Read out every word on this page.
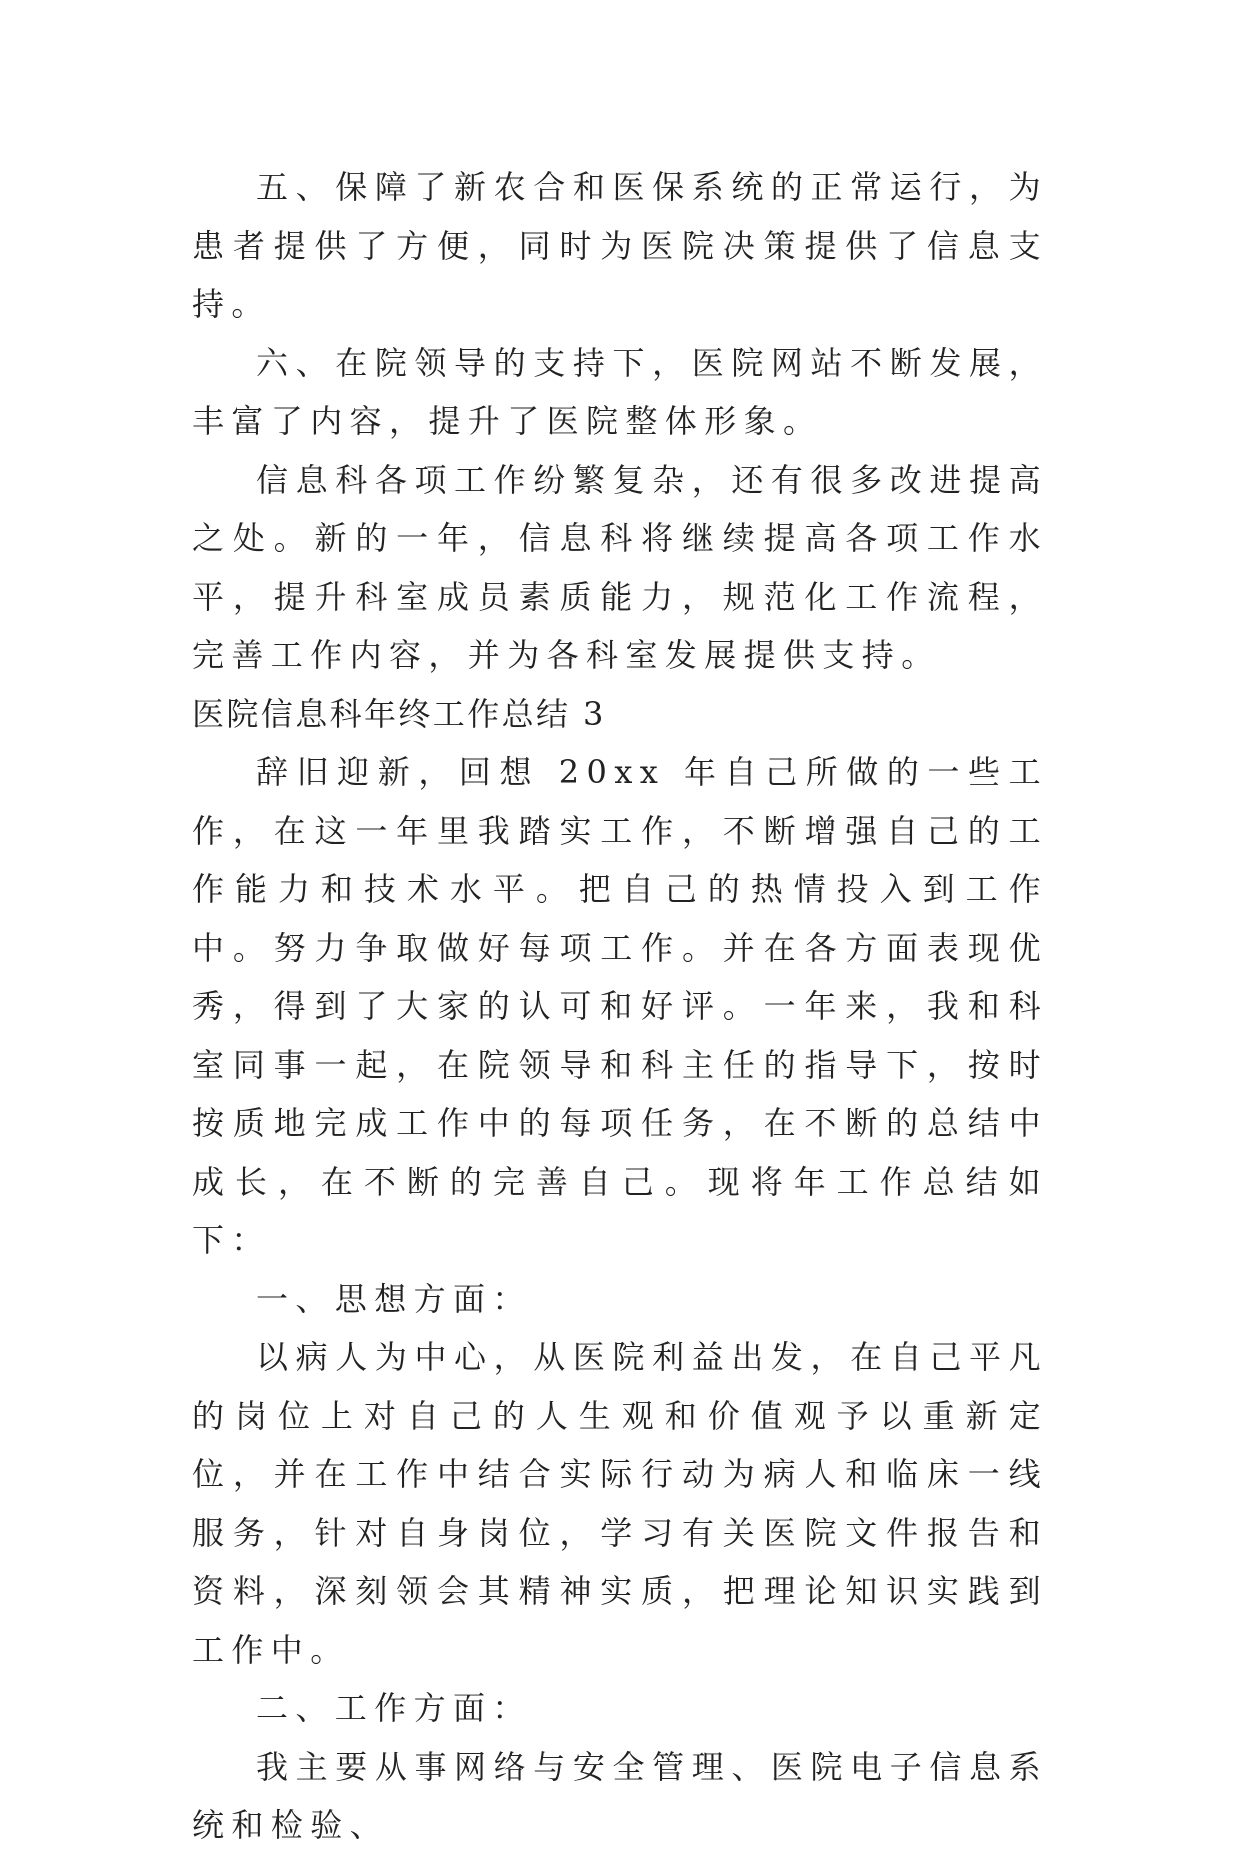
五、保障了新农合和医保系统的正常运行，为患者提供了方便，同时为医院决策提供了信息支持。

六、在院领导的支持下，医院网站不断发展，丰富了内容，提升了医院整体形象。

信息科各项工作纷繁复杂，还有很多改进提高之处。新的一年，信息科将继续提高各项工作水平，提升科室成员素质能力，规范化工作流程，完善工作内容，并为各科室发展提供支持。

医院信息科年终工作总结 3

辞旧迎新，回想 20xx 年自己所做的一些工作，在这一年里我踏实工作，不断增强自己的工作能力和技术水平。把自己的热情投入到工作中。努力争取做好每项工作。并在各方面表现优秀，得到了大家的认可和好评。一年来，我和科室同事一起，在院领导和科主任的指导下，按时按质地完成工作中的每项任务，在不断的总结中成长，在不断的完善自己。现将年工作总结如下：

一、思想方面：

以病人为中心，从医院利益出发，在自己平凡的岗位上对自己的人生观和价值观予以重新定位，并在工作中结合实际行动为病人和临床一线服务，针对自身岗位，学习有关医院文件报告和资料，深刻领会其精神实质，把理论知识实践到工作中。

二、工作方面：

我主要从事网络与安全管理、医院电子信息系统和检验、
